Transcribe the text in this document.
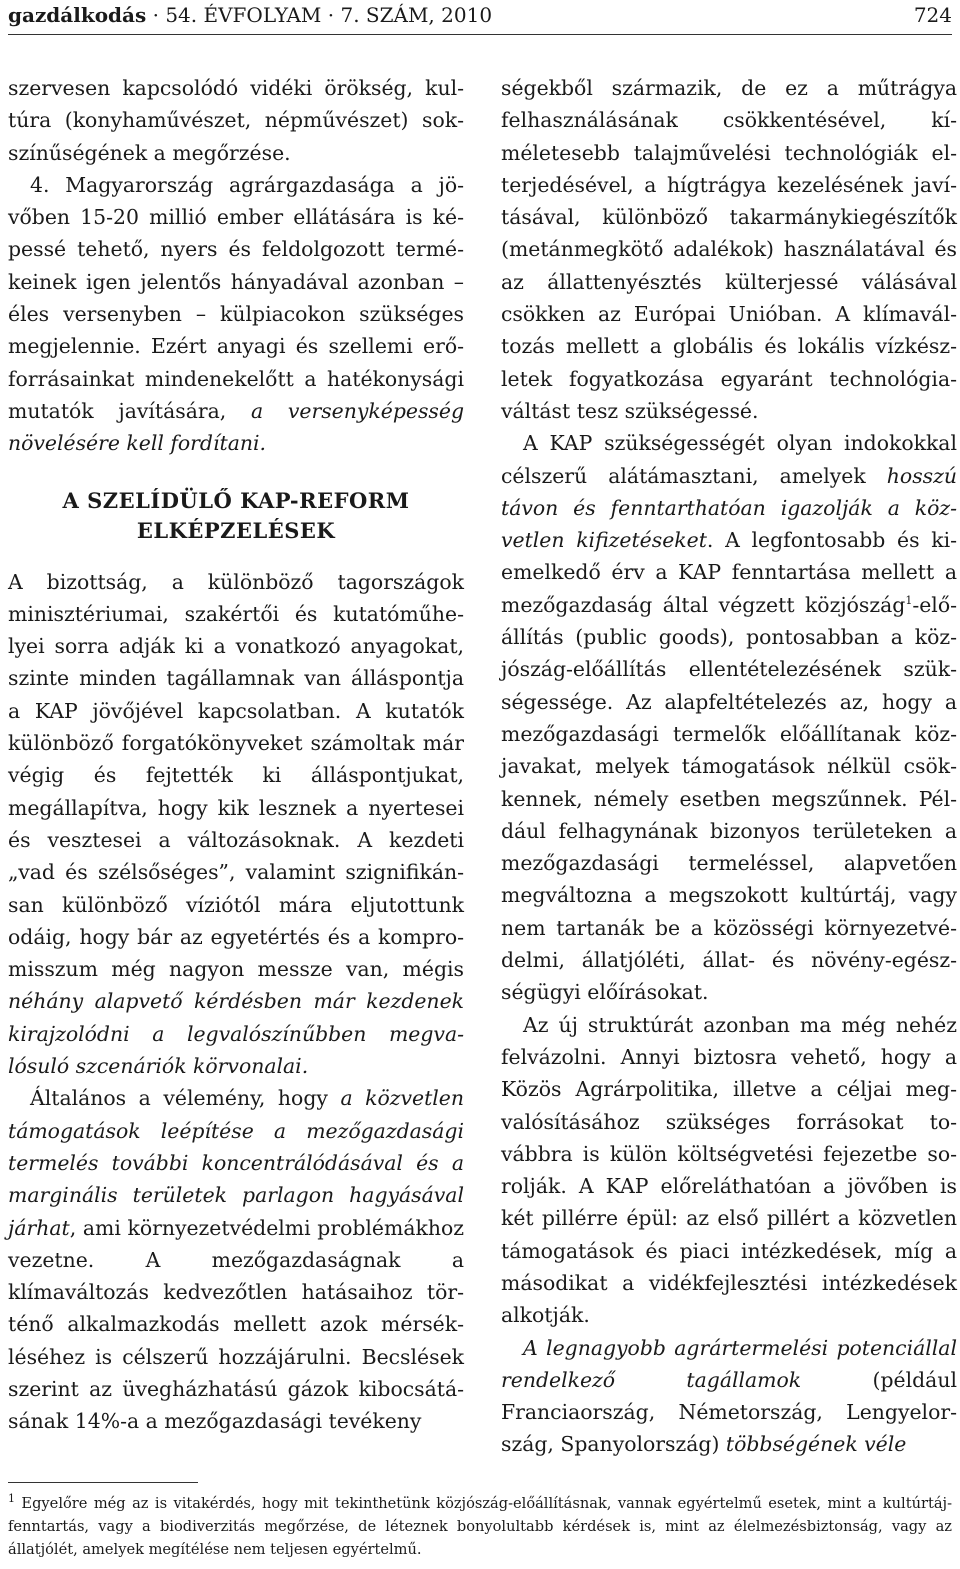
gazdálkodás · 54. ÉVFOLYAM · 7. SZÁM, 2010	724

szervesen kapcsolódó vidéki örökség, kultúra (konyhaművészet, népművészet) sokszínűségének a megőrzése.

4. Magyarország agrárgazdasága a jövőben 15-20 millió ember ellátására is képessé tehető, nyers és feldolgozott termékeinek igen jelentős hányadával azonban – éles versenyben – külpiacokon szükséges megjelennie. Ezért anyagi és szellemi erőforrásainkat mindenekelőtt a hatékonysági mutatók javítására, a versenyképesség növelésére kell fordítani.

A SZELÍDÜLŐ KAP-REFORM
ELKÉPZELÉSEK

A bizottság, a különböző tagországok minisztériumai, szakértői és kutatóműhelyei sorra adják ki a vonatkozó anyagokat, szinte minden tagállamnak van álláspontja a KAP jövőjével kapcsolatban. A kutatók különböző forgatókönyveket számoltak már végig és fejtették ki álláspontjukat, megállapítva, hogy kik lesznek a nyertesei és vesztesei a változásoknak. A kezdeti „vad és szélsőséges”, valamint szignifikánsan különböző víziótól mára eljutottunk odáig, hogy bár az egyetértés és a kompromisszum még nagyon messze van, mégis néhány alapvető kérdésben már kezdenek kirajzolódni a legvalószínűbben megvalósuló szcenáriók körvonalai.

Általános a vélemény, hogy a közvetlen támogatások leépítése a mezőgazdasági termelés további koncentrálódásával és a marginális területek parlagon hagyásával járhat, ami környezetvédelmi problémákhoz vezetne. A mezőgazdaságnak a klímaváltozás kedvezőtlen hatásaihoz történő alkalmazkodás mellett azok mérsékléséhez is célszerű hozzájárulni. Becslések szerint az üvegházhatású gázok kibocsátásának 14%-a a mezőgazdasági tevékeny

ségekből származik, de ez a műtrágya felhasználásának csökkentésével, kíméletesebb talajművelési technológiák elterjedésével, a hígtrágya kezelésének javításával, különböző takarmánykiegészítők (metánmegkötő adalékok) használatával és az állattenyésztés külterjessé válásával csökken az Európai Unióban. A klímaváltozás mellett a globális és lokális vízkészletek fogyatkozása egyaránt technológiaváltást tesz szükségessé.

A KAP szükségességét olyan indokokkal célszerű alátámasztani, amelyek hosszú távon és fenntarthatóan igazolják a közvetlen kifizetéseket. A legfontosabb és kiemelkedő érv a KAP fenntartása mellett a mezőgazdaság által végzett közjószág$^1$-előállítás (public goods), pontosabban a közjószág-előállítás ellentételezésének szükségessége. Az alapfeltételezés az, hogy a mezőgazdasági termelők előállítanak közjavakat, melyek támogatások nélkül csökkennek, némely esetben megszűnnek. Például felhagynának bizonyos területeken a mezőgazdasági termeléssel, alapvetően megváltozna a megszokott kultúrtáj, vagy nem tartanák be a közösségi környezetvédelmi, állatjóléti, állat- és növény-egészségügyi előírásokat.

Az új struktúrát azonban ma még nehéz felvázolni. Annyi biztosra vehető, hogy a Közös Agrárpolitika, illetve a céljai megvalósításához szükséges forrásokat továbbra is külön költségvetési fejezetbe sorolják. A KAP előreláthatóan a jövőben is két pillérre épül: az első pillért a közvetlen támogatások és piaci intézkedések, míg a másodikat a vidékfejlesztési intézkedések alkotják.

A legnagyobb agrártermelési potenciállal rendelkező tagállamok (például Franciaország, Németország, Lengyelország, Spanyolország) többségének véle

$^1$ Egyelőre még az is vitakérdés, hogy mit tekinthetünk közjószág-előállításnak, vannak egyértelmű esetek, mint a kultúrtájfenntartás, vagy a biodiverzitás megőrzése, de léteznek bonyolultabb kérdések is, mint az élelmezésbiztonság, vagy az állatjólét, amelyek megítélése nem teljesen egyértelmű.
